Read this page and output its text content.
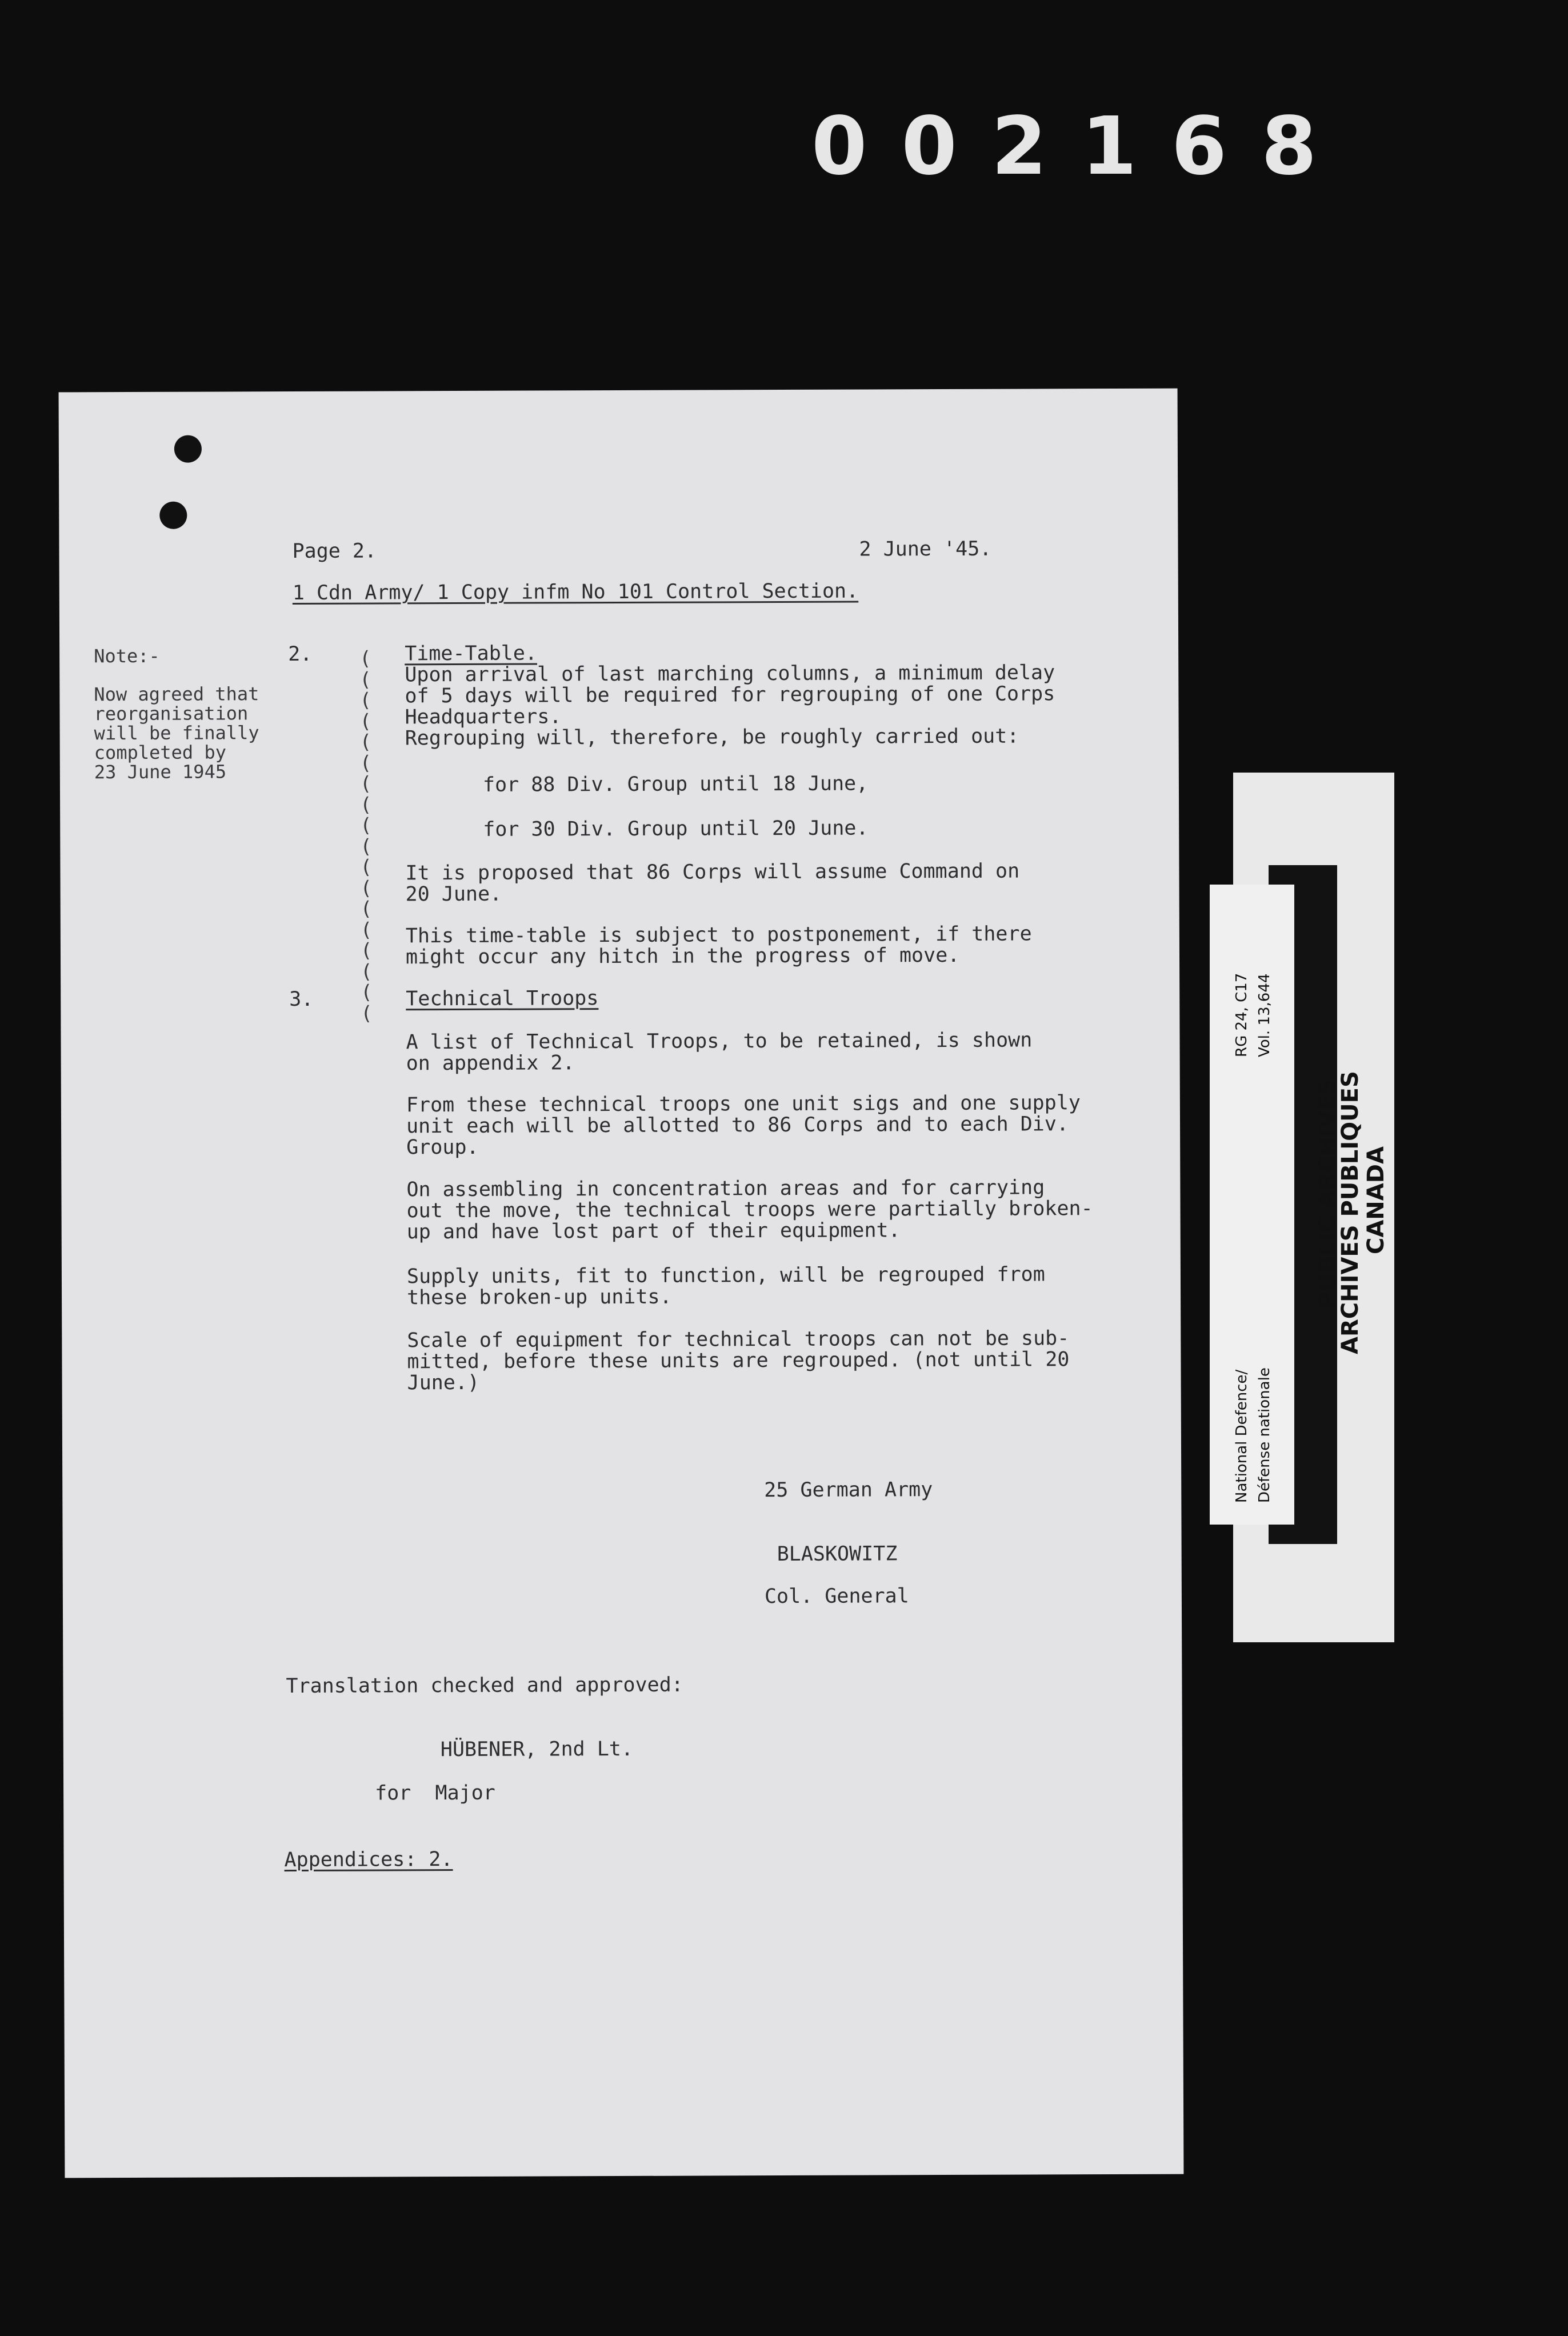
002168
Page 2.	2 June '45.
1 Cdn Army/ 1 Copy infm No 101 Control Section.
Note:-
Now agreed that
reorganisation
will be finally
completed by
23 June 1945
(
(
(
(
(
(
(
(
(
(
(
(
(
(
(
(
(
(
2.	Time-Table.
Upon arrival of last marching columns, a minimum delay
of 5 days will be required for regrouping of one Corps
Headquarters.
Regrouping will, therefore, be roughly carried out:
for 88 Div. Group until 18 June,
for 30 Div. Group until 20 June.
It is proposed that 86 Corps will assume Command on
20 June.
This time-table is subject to postponement, if there
might occur any hitch in the progress of move.
3.	Technical Troops
A list of Technical Troops, to be retained, is shown
on appendix 2.
From these technical troops one unit sigs and one supply
unit each will be allotted to 86 Corps and to each Div.
Group.
On assembling in concentration areas and for carrying
out the move, the technical troops were partially broken-
up and have lost part of their equipment.
Supply units, fit to function, will be regrouped from
these broken-up units.
Scale of equipment for technical troops can not be sub-
mitted, before these units are regrouped. (not until 20
June.)
25 German Army
BLASKOWITZ
Col. General
Translation checked and approved:
HÜBENER, 2nd Lt.
for  Major
Appendices: 2.
PUBLIC ARCHIVES
ARCHIVES PUBLIQUES CANADA
National Defence/ Défense nationale
RG 24, C17 Vol. 13,644
